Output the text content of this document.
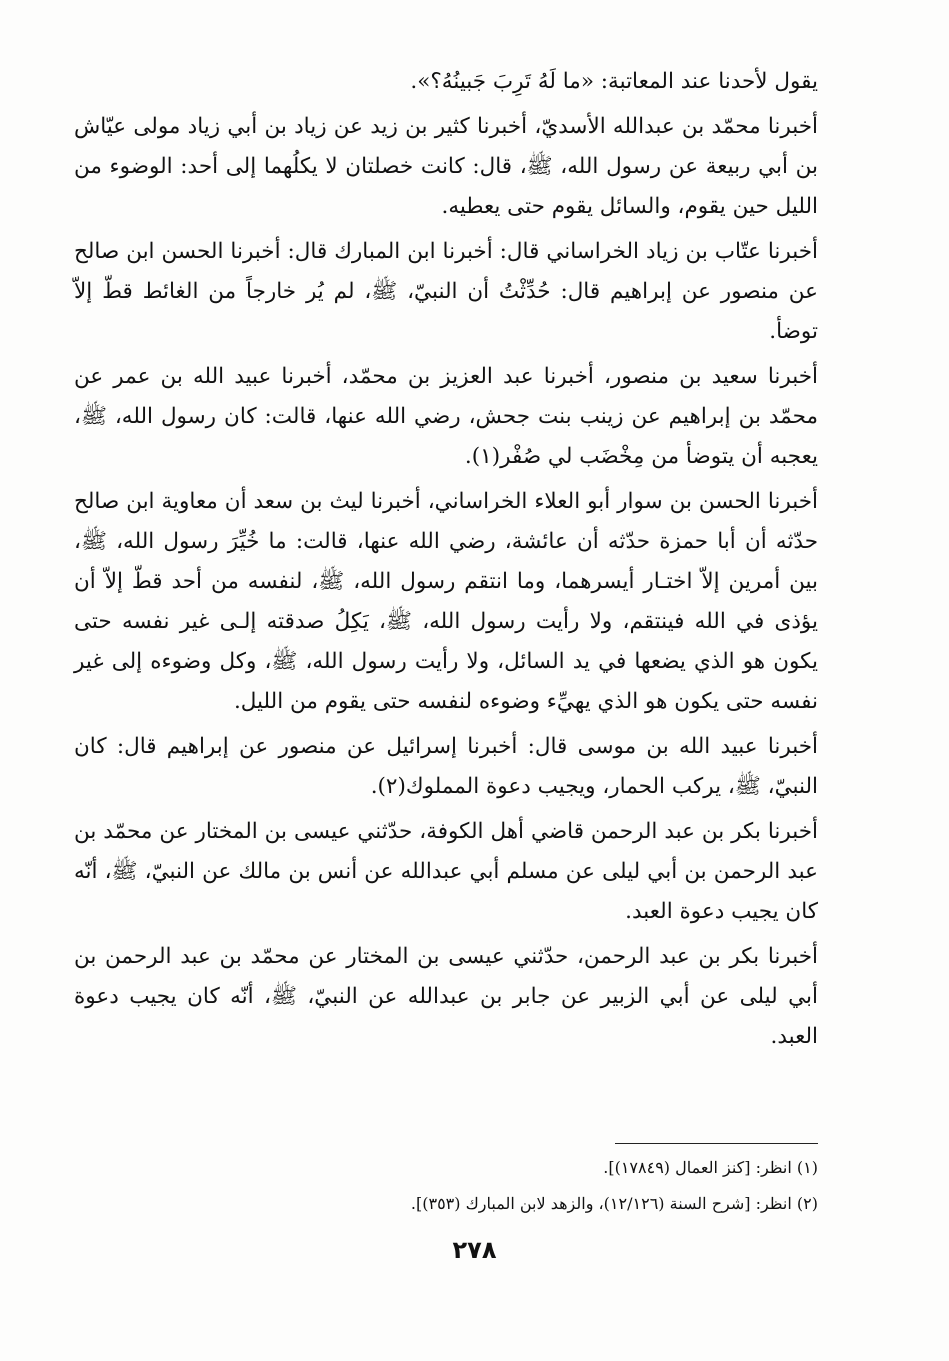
يقول لأحدنا عند المعاتبة: «ما لَهُ تَرِبَ جَبينُهُ؟».

أخبرنا محمّد بن عبدالله الأسديّ، أخبرنا كثير بن زيد عن زياد بن أبي زياد مولى عيّاش بن أبي ربيعة عن رسول الله، ﷺ، قال: كانت خصلتان لا يكلُهما إلى أحد: الوضوء من الليل حين يقوم، والسائل يقوم حتى يعطيه.

أخبرنا عتّاب بن زياد الخراساني قال: أخبرنا ابن المبارك قال: أخبرنا الحسن ابن صالح عن منصور عن إبراهيم قال: حُدِّثْتُ أن النبيّ، ﷺ، لم يُر خارجاً من الغائط قطّ إلاّ توضأ.

أخبرنا سعيد بن منصور، أخبرنا عبد العزيز بن محمّد، أخبرنا عبيد الله بن عمر عن محمّد بن إبراهيم عن زينب بنت جحش، رضي الله عنها، قالت: كان رسول الله، ﷺ، يعجبه أن يتوضأ من مِخْضَب لي صُفْر(١).

أخبرنا الحسن بن سوار أبو العلاء الخراساني، أخبرنا ليث بن سعد أن معاوية ابن صالح حدّثه أن أبا حمزة حدّثه أن عائشة، رضي الله عنها، قالت: ما خُيِّرَ رسول الله، ﷺ، بين أمرين إلاّ اختـار أيسرهما، وما انتقم رسول الله، ﷺ، لنفسه من أحد قطّ إلاّ أن يؤذى في الله فينتقم، ولا رأيت رسول الله، ﷺ، يَكِلُ صدقته إلـى غير نفسه حتى يكون هو الذي يضعها في يد السائل، ولا رأيت رسول الله، ﷺ، وكل وضوءه إلى غير نفسه حتى يكون هو الذي يهيِّء وضوءه لنفسه حتى يقوم من الليل.

أخبرنا عبيد الله بن موسى قال: أخبرنا إسرائيل عن منصور عن إبراهيم قال: كان النبيّ، ﷺ، يركب الحمار، ويجيب دعوة المملوك(٢).

أخبرنا بكر بن عبد الرحمن قاضي أهل الكوفة، حدّثني عيسى بن المختار عن محمّد بن عبد الرحمن بن أبي ليلى عن مسلم أبي عبدالله عن أنس بن مالك عن النبيّ، ﷺ، أنّه كان يجيب دعوة العبد.

أخبرنا بكر بن عبد الرحمن، حدّثني عيسى بن المختار عن محمّد بن عبد الرحمن بن أبي ليلى عن أبي الزبير عن جابر بن عبدالله عن النبيّ، ﷺ، أنّه كان يجيب دعوة العبد.

(١) انظر: [كنز العمال (١٧٨٤٩)].
(٢) انظر: [شرح السنة (١٢/١٢٦)، والزهد لابن المبارك (٣٥٣)].
٢٧٨
